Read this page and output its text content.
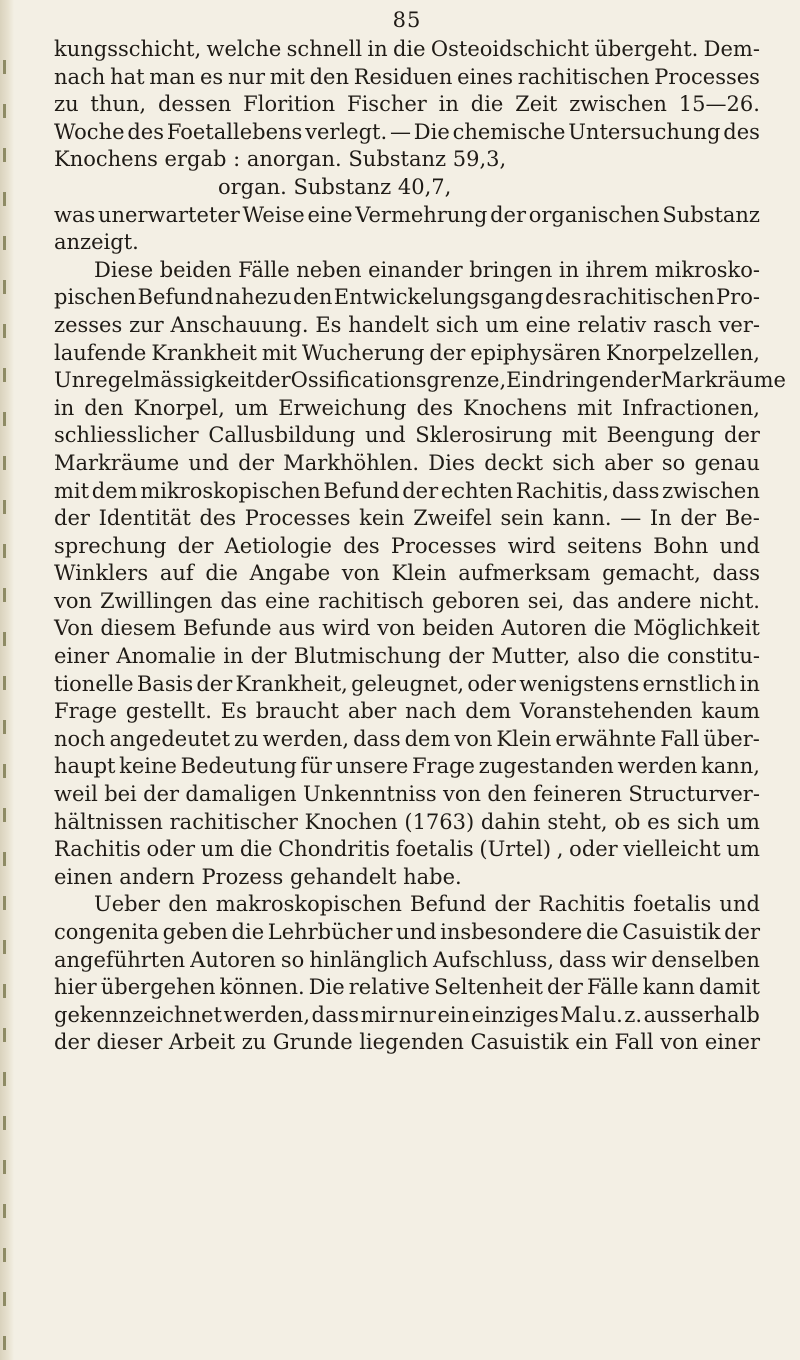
85
kungsschicht, welche schnell in die Osteoidschicht übergeht. Dem-
nach hat man es nur mit den Residuen eines rachitischen Processes
zu thun, dessen Florition Fischer in die Zeit zwischen 15—26.
Woche des Foetallebens verlegt. — Die chemische Untersuchung des
Knochens ergab : anorgan. Substanz 59,3,
organ. Substanz 40,7,
was unerwarteter Weise eine Vermehrung der organischen Substanz
anzeigt.
Diese beiden Fälle neben einander bringen in ihrem mikrosko-
pischen Befund nahezu den Entwickelungsgang des rachitischen Pro-
zesses zur Anschauung. Es handelt sich um eine relativ rasch ver-
laufende Krankheit mit Wucherung der epiphysären Knorpelzellen,
Unregelmässigkeit der Ossificationsgrenze, Eindringen der Markräume
in den Knorpel, um Erweichung des Knochens mit Infractionen,
schliesslicher Callusbildung und Sklerosirung mit Beengung der
Markräume und der Markhöhlen. Dies deckt sich aber so genau
mit dem mikroskopischen Befund der echten Rachitis, dass zwischen
der Identität des Processes kein Zweifel sein kann. — In der Be-
sprechung der Aetiologie des Processes wird seitens Bohn und
Winklers auf die Angabe von Klein aufmerksam gemacht, dass
von Zwillingen das eine rachitisch geboren sei, das andere nicht.
Von diesem Befunde aus wird von beiden Autoren die Möglichkeit
einer Anomalie in der Blutmischung der Mutter, also die constitu-
tionelle Basis der Krankheit, geleugnet, oder wenigstens ernstlich in
Frage gestellt. Es braucht aber nach dem Voranstehenden kaum
noch angedeutet zu werden, dass dem von Klein erwähnte Fall über-
haupt keine Bedeutung für unsere Frage zugestanden werden kann,
weil bei der damaligen Unkenntniss von den feineren Structurver-
hältnissen rachitischer Knochen (1763) dahin steht, ob es sich um
Rachitis oder um die Chondritis foetalis (Urtel) , oder vielleicht um
einen andern Prozess gehandelt habe.
Ueber den makroskopischen Befund der Rachitis foetalis und
congenita geben die Lehrbücher und insbesondere die Casuistik der
angeführten Autoren so hinlänglich Aufschluss, dass wir denselben
hier übergehen können. Die relative Seltenheit der Fälle kann damit
gekennzeichnet werden, dass mir nur ein einziges Mal u. z. ausserhalb
der dieser Arbeit zu Grunde liegenden Casuistik ein Fall von einer
